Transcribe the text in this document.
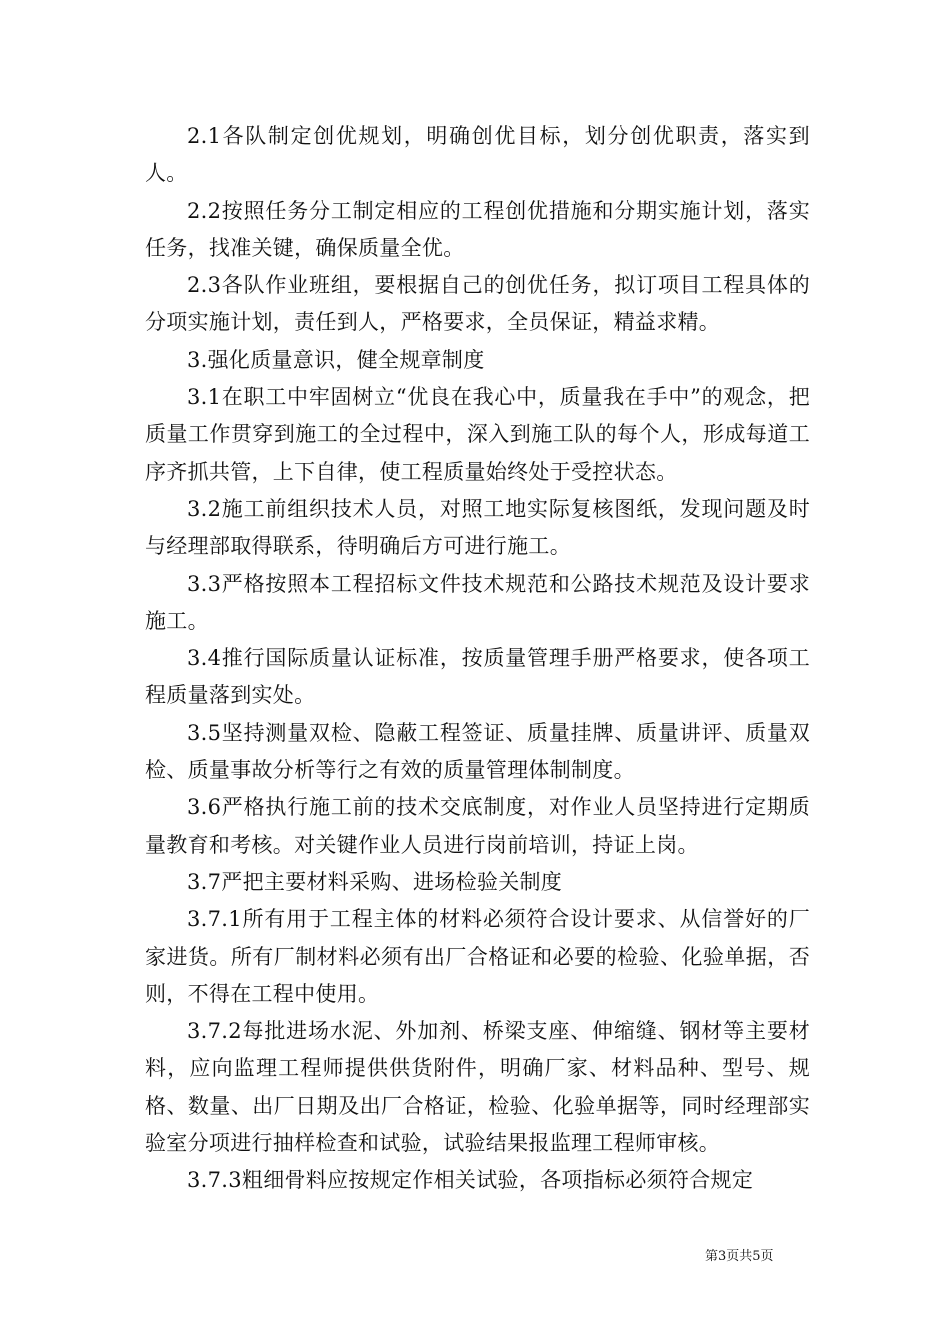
2.1各队制定创优规划，明确创优目标，划分创优职责，落实到人。

2.2按照任务分工制定相应的工程创优措施和分期实施计划，落实任务，找准关键，确保质量全优。

2.3各队作业班组，要根据自己的创优任务，拟订项目工程具体的分项实施计划，责任到人，严格要求，全员保证，精益求精。

3.强化质量意识，健全规章制度

3.1在职工中牢固树立“优良在我心中，质量我在手中”的观念，把质量工作贯穿到施工的全过程中，深入到施工队的每个人，形成每道工序齐抓共管，上下自律，使工程质量始终处于受控状态。

3.2施工前组织技术人员，对照工地实际复核图纸，发现问题及时与经理部取得联系，待明确后方可进行施工。

3.3严格按照本工程招标文件技术规范和公路技术规范及设计要求施工。

3.4推行国际质量认证标准，按质量管理手册严格要求，使各项工程质量落到实处。

3.5坚持测量双检、隐蔽工程签证、质量挂牌、质量讲评、质量双检、质量事故分析等行之有效的质量管理体制制度。

3.6严格执行施工前的技术交底制度，对作业人员坚持进行定期质量教育和考核。对关键作业人员进行岗前培训，持证上岗。

3.7严把主要材料采购、进场检验关制度

3.7.1所有用于工程主体的材料必须符合设计要求、从信誉好的厂家进货。所有厂制材料必须有出厂合格证和必要的检验、化验单据，否则，不得在工程中使用。

3.7.2每批进场水泥、外加剂、桥梁支座、伸缩缝、钢材等主要材料，应向监理工程师提供供货附件，明确厂家、材料品种、型号、规格、数量、出厂日期及出厂合格证，检验、化验单据等，同时经理部实验室分项进行抽样检查和试验，试验结果报监理工程师审核。

3.7.3粗细骨料应按规定作相关试验，各项指标必须符合规定

第3页共5页
